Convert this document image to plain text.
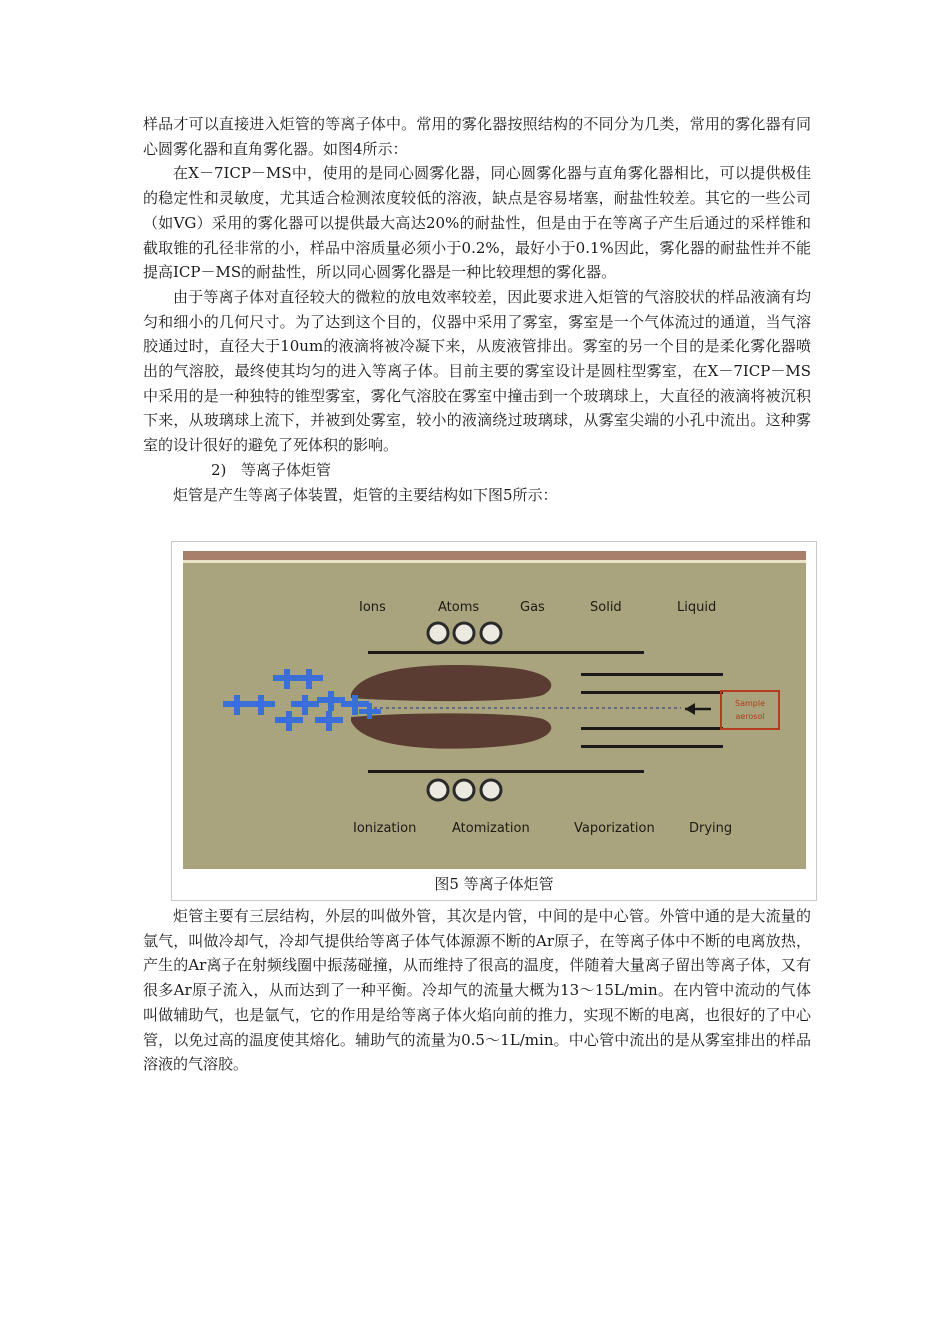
样品才可以直接进入炬管的等离子体中。常用的雾化器按照结构的不同分为几类，常用的雾化器有同心圆雾化器和直角雾化器。如图4所示：

在X－7ICP－MS中，使用的是同心圆雾化器，同心圆雾化器与直角雾化器相比，可以提供极佳的稳定性和灵敏度，尤其适合检测浓度较低的溶液，缺点是容易堵塞，耐盐性较差。其它的一些公司（如VG）采用的雾化器可以提供最大高达20%的耐盐性，但是由于在等离子产生后通过的采样锥和截取锥的孔径非常的小，样品中溶质量必须小于0.2%，最好小于0.1%因此，雾化器的耐盐性并不能提高ICP－MS的耐盐性，所以同心圆雾化器是一种比较理想的雾化器。

由于等离子体对直径较大的微粒的放电效率较差，因此要求进入炬管的气溶胶状的样品液滴有均匀和细小的几何尺寸。为了达到这个目的，仪器中采用了雾室，雾室是一个气体流过的通道，当气溶胶通过时，直径大于10um的液滴将被冷凝下来，从废液管排出。雾室的另一个目的是柔化雾化器喷出的气溶胶，最终使其均匀的进入等离子体。目前主要的雾室设计是圆柱型雾室，在X－7ICP－MS中采用的是一种独特的锥型雾室，雾化气溶胶在雾室中撞击到一个玻璃球上，大直径的液滴将被沉积下来，从玻璃球上流下，并被到处雾室，较小的液滴绕过玻璃球，从雾室尖端的小孔中流出。这种雾室的设计很好的避免了死体积的影响。

2) 等离子体炬管

炬管是产生等离子体装置，炬管的主要结构如下图5所示：

Ions	Atoms	Gas	Solid	Liquid
Sample
aerosol
Ionization	Atomization	Vaporization	Drying
图5 等离子体炬管

炬管主要有三层结构，外层的叫做外管，其次是内管，中间的是中心管。外管中通的是大流量的氩气，叫做冷却气，冷却气提供给等离子体气体源源不断的Ar原子，在等离子体中不断的电离放热，产生的Ar离子在射频线圈中振荡碰撞，从而维持了很高的温度，伴随着大量离子留出等离子体，又有很多Ar原子流入，从而达到了一种平衡。冷却气的流量大概为13～15L/min。在内管中流动的气体叫做辅助气，也是氩气，它的作用是给等离子体火焰向前的推力，实现不断的电离，也很好的了中心管，以免过高的温度使其熔化。辅助气的流量为0.5～1L/min。中心管中流出的是从雾室排出的样品溶液的气溶胶。
